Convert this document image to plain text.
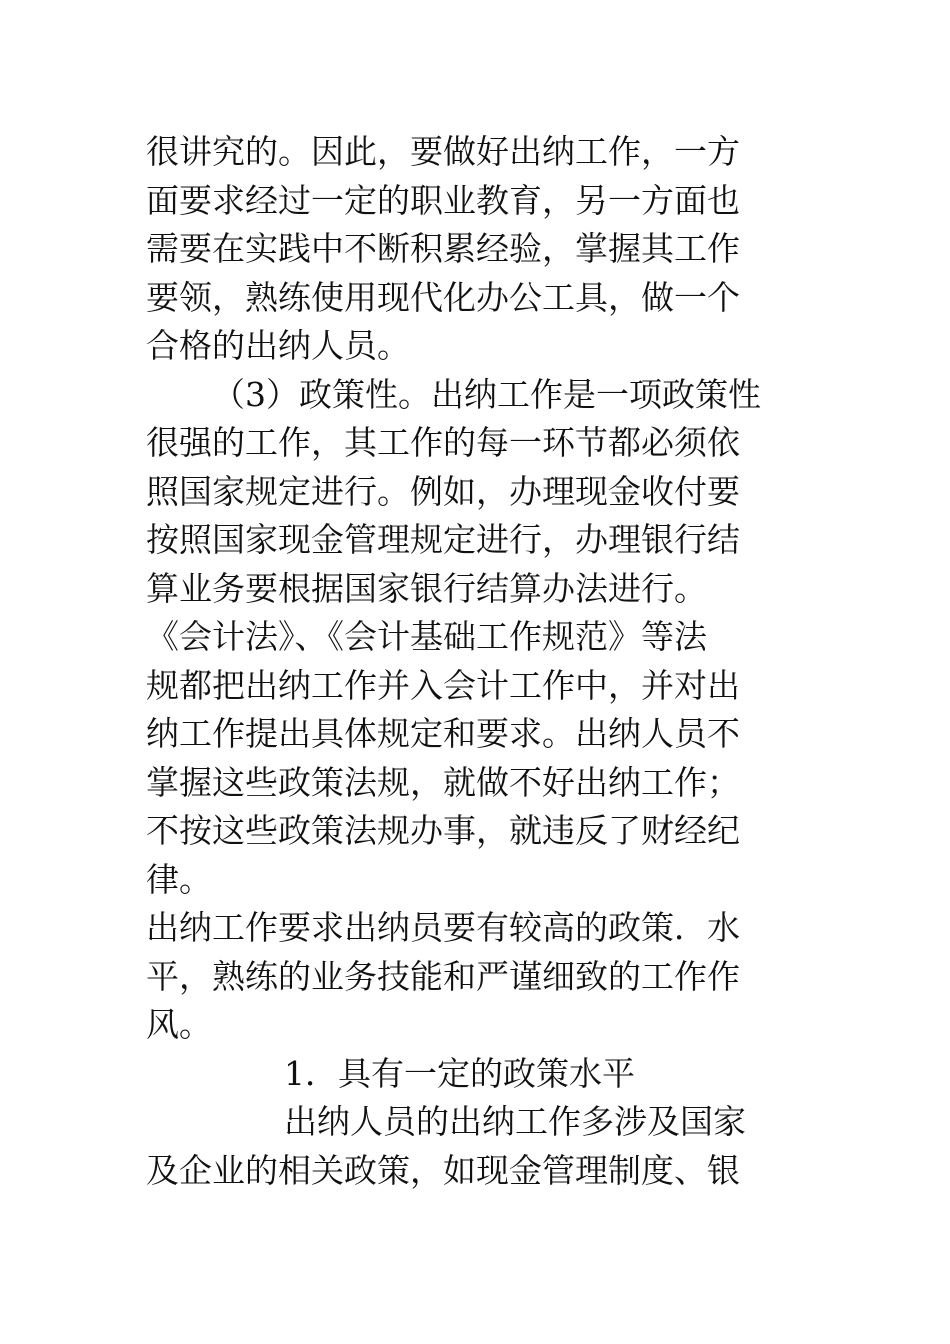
很讲究的。因此，要做好出纳工作，一方
面要求经过一定的职业教育，另一方面也
需要在实践中不断积累经验，掌握其工作
要领，熟练使用现代化办公工具，做一个
合格的出纳人员。
（3）政策性。出纳工作是一项政策性
很强的工作，其工作的每一环节都必须依
照国家规定进行。例如，办理现金收付要
按照国家现金管理规定进行，办理银行结
算业务要根据国家银行结算办法进行。
《会计法》、《会计基础工作规范》等法
规都把出纳工作并入会计工作中，并对出
纳工作提出具体规定和要求。出纳人员不
掌握这些政策法规，就做不好出纳工作；
不按这些政策法规办事，就违反了财经纪
律。
出纳工作要求出纳员要有较高的政策．水
平，熟练的业务技能和严谨细致的工作作
风。
1．具有一定的政策水平
出纳人员的出纳工作多涉及国家
及企业的相关政策，如现金管理制度、银
